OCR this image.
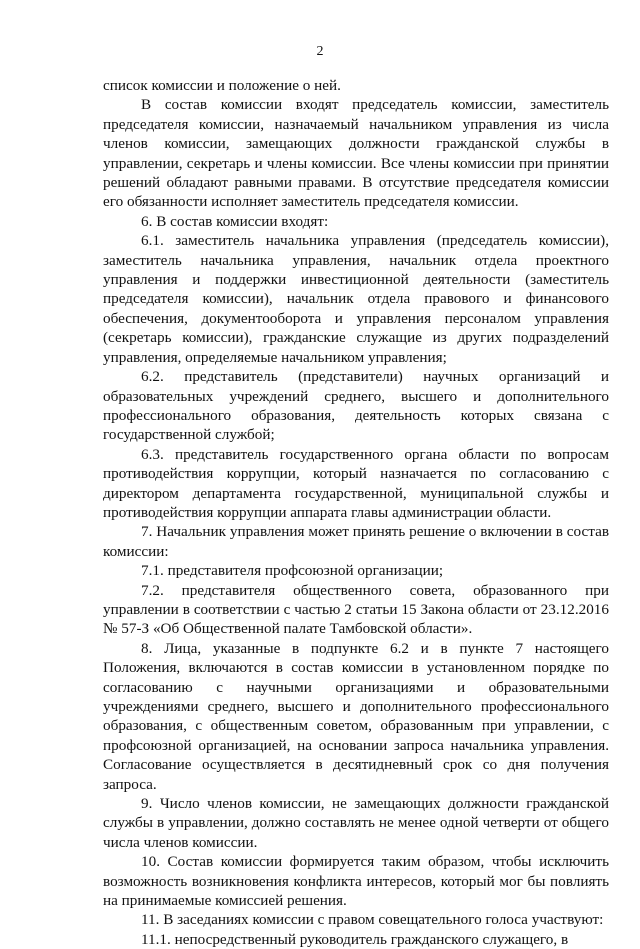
2

список комиссии и положение о ней.

В состав комиссии входят председатель комиссии, заместитель председателя комиссии, назначаемый начальником управления из числа членов комиссии, замещающих должности гражданской службы в управлении, секретарь и члены комиссии. Все члены комиссии при принятии решений обладают равными правами. В отсутствие председателя комиссии его обязанности исполняет заместитель председателя комиссии.

6. В состав комиссии входят:

6.1. заместитель начальника управления (председатель комиссии), заместитель начальника управления, начальник отдела проектного управления и поддержки инвестиционной деятельности (заместитель председателя комиссии), начальник отдела правового и финансового обеспечения, документооборота и управления персоналом управления (секретарь комиссии), гражданские служащие из других подразделений управления, определяемые начальником управления;

6.2. представитель (представители) научных организаций и образовательных учреждений среднего, высшего и дополнительного профессионального образования, деятельность которых связана с государственной службой;

6.3. представитель государственного органа области по вопросам противодействия коррупции, который назначается по согласованию с директором департамента государственной, муниципальной службы и противодействия коррупции аппарата главы администрации области.

7. Начальник управления может принять решение о включении в состав комиссии:

7.1. представителя профсоюзной организации;

7.2. представителя общественного совета, образованного при управлении в соответствии с частью 2 статьи 15 Закона области от 23.12.2016 № 57-З «Об Общественной палате Тамбовской области».

8. Лица, указанные в подпункте 6.2 и в пункте 7 настоящего Положения, включаются в состав комиссии в установленном порядке по согласованию с научными организациями и образовательными учреждениями среднего, высшего и дополнительного профессионального образования, с общественным советом, образованным при управлении, с профсоюзной организацией, на основании запроса начальника управления. Согласование осуществляется в десятидневный срок со дня получения запроса.

9. Число членов комиссии, не замещающих должности гражданской службы в управлении, должно составлять не менее одной четверти от общего числа членов комиссии.

10. Состав комиссии формируется таким образом, чтобы исключить возможность возникновения конфликта интересов, который мог бы повлиять на принимаемые комиссией решения.

11. В заседаниях комиссии с правом совещательного голоса участвуют:

11.1. непосредственный руководитель гражданского служащего, в
